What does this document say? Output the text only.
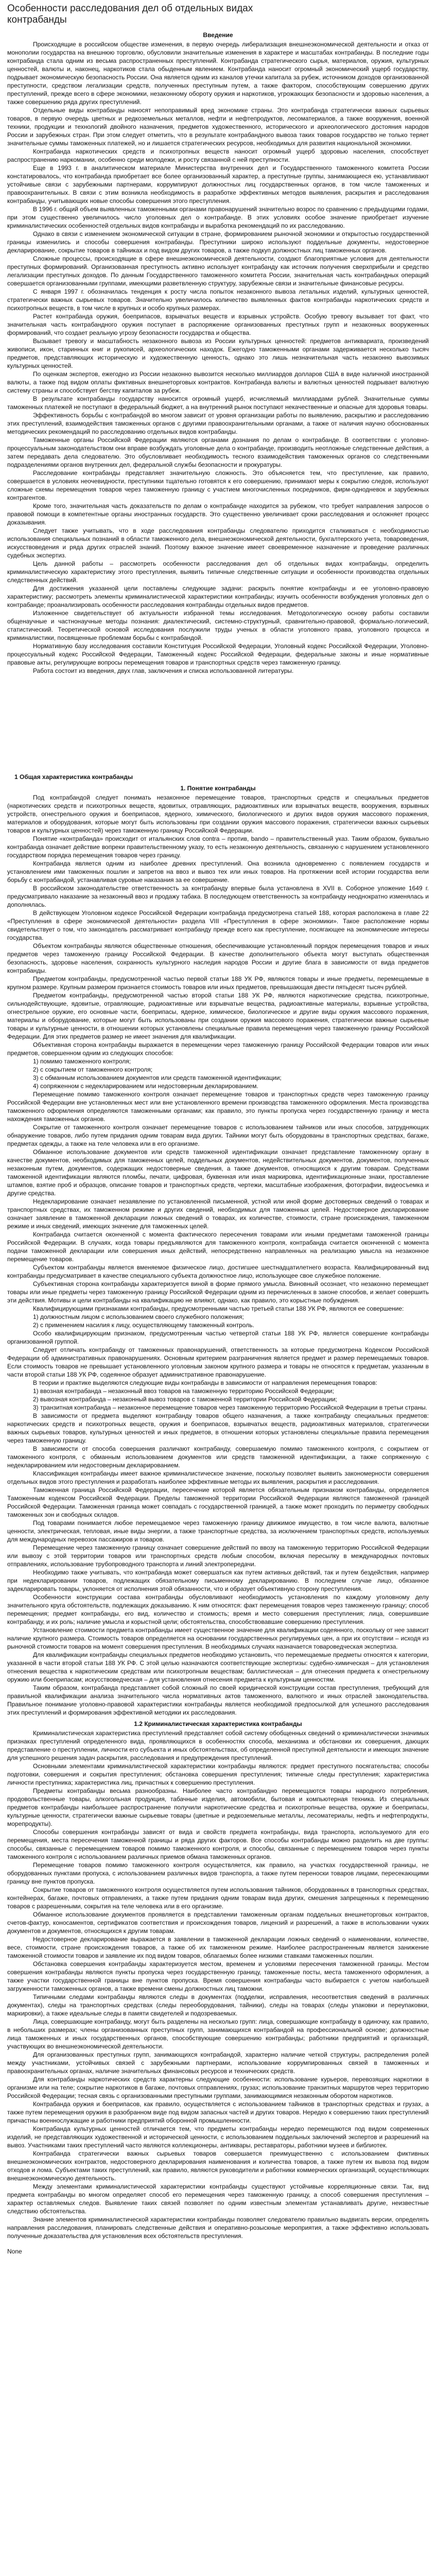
Особенности расследования дел об отдельных видах контрабанды
Введение

Происходящие в российском обществе изменения, в первую очередь либерализация внешнеэкономической деятельности и отказ от монополии государства на внешнюю торговлю, обусловили значительные изменения в характере и масштабах контрабанды. В последние годы контрабанда стала одним из весьма распространенных преступлений. Контрабанда стратегического сырья, материалов, оружия, культурных ценностей, валюты и, наконец, наркотиков стала обыденным явлением. Контрабанда наносит огромный экономический ущерб государству, подрывает экономическую безопасность России. Она является одним из каналов утечки капитала за рубеж, источником доходов организованной преступности, средством легализации средств, полученных преступным путем, а также фактором, способствующим совершению других преступлений, прежде всего в сфере экономики, незаконному обороту оружия и наркотиков, угрожающих безопасности и здоровью населения, а также совершению ряда других преступлений.

Отдельные виды контрабанды наносят непоправимый вред экономике страны. Это контрабанда стратегически важных сырьевых товаров, в первую очередь цветных и редкоземельных металлов, нефти и нефтепродуктов, лесоматериалов, а также вооружения, военной техники, продукции и технологий двойного назначения, предметов художественного, исторического и археологического достояния народов России и зарубежных стран. При этом следует отметить, что в результате контрабандного вывоза таких товаров государство не только теряет значительные суммы таможенных платежей, но и лишается стратегических ресурсов, необходимых для развития национальной экономики.

Контрабанда наркотических средств и психотропных веществ наносит огромный ущерб здоровью населения, способствует распространению наркомании, особенно среди молодежи, и росту связанной с ней преступности.

Еще в 1993 г. в аналитическом материале Министерства внутренних дел и Государственного таможенного комитета России констатировалось, что контрабанда приобретает все более организованный характер, а преступные группы, занимающиеся ею, устанавливают устойчивые связи с зарубежными партнерами, коррумпируют должностных лиц государственных органов, в том числе таможенных и правоохранительных. В связи с этим возникла необходимость в разработке эффективных методов выявления, раскрытия и расследования контрабанды, учитывающих новые способы совершения этого преступления.

В 1996 г. общий объем выявленных таможенными органами правонарушений значительно возрос по сравнению с предыдущими годами, при этом существенно увеличилось число уголовных дел о контрабанде. В этих условиях особое значение приобретает изучение криминалистических особенностей отдельных видов контрабанды и выработка рекомендаций по их расследованию.

Однако в связи с изменением экономической ситуации в стране, формированием рыночной экономики и открытостью государственной границы изменились и способы совершения контрабанды. Преступники широко используют поддельные документы, недостоверное декларирование, сокрытие товаров в тайниках и под видом других товаров, а также подкуп должностных лиц таможенных органов.

Сложные процессы, происходящие в сфере внешнеэкономической деятельности, создают благоприятные условия для деятельности преступных формирований. Организованная преступность активно использует контрабанду как источник получения сверхприбыли и средство легализации преступных доходов. По данным Государственного таможенного комитета России, значительная часть контрабандных операций совершается организованными группами, имеющими разветвленную структуру, зарубежные связи и значительные финансовые ресурсы.

С января 1997 г. обозначилась тенденция к росту числа попыток незаконного вывоза летальных изделий, культурных ценностей, стратегически важных сырьевых товаров. Значительно увеличилось количество выявленных фактов контрабанды наркотических средств и психотропных веществ, в том числе в крупных и особо крупных размерах.

Растет контрабанда оружия, боеприпасов, взрывчатых веществ и взрывных устройств. Особую тревогу вызывает тот факт, что значительная часть контрабандного оружия поступает в распоряжение организованных преступных групп и незаконных вооруженных формирований, что создает реальную угрозу безопасности государства и общества.

Вызывает тревогу и масштабность незаконного вывоза из России культурных ценностей: предметов антиквариата, произведений живописи, икон, старинных книг и рукописей, археологических находок. Ежегодно таможенными органами задерживается несколько тысяч предметов, представляющих историческую и художественную ценность, однако это лишь незначительная часть незаконно вывозимых культурных ценностей.

По оценкам экспертов, ежегодно из России незаконно вывозится несколько миллиардов долларов США в виде наличной иностранной валюты, а также под видом оплаты фиктивных внешнеторговых контрактов. Контрабанда валюты и валютных ценностей подрывает валютную систему страны и способствует бегству капиталов за рубеж.

В результате контрабанды государству наносится огромный ущерб, исчисляемый миллиардами рублей. Значительные суммы таможенных платежей не поступают в федеральный бюджет, а на внутренний рынок поступают некачественные и опасные для здоровья товары.

Эффективность борьбы с контрабандой во многом зависит от уровня организации работы по выявлению, раскрытию и расследованию этих преступлений, взаимодействия таможенных органов с другими правоохранительными органами, а также от наличия научно обоснованных методических рекомендаций по расследованию отдельных видов контрабанды.

Таможенные органы Российской Федерации являются органами дознания по делам о контрабанде. В соответствии с уголовно-процессуальным законодательством они вправе возбуждать уголовные дела о контрабанде, производить неотложные следственные действия, а затем передавать дела следователю. Это обусловливает необходимость тесного взаимодействия таможенных органов со следственными подразделениями органов внутренних дел, федеральной службы безопасности и прокуратуры.

Расследование контрабанды представляет значительную сложность. Это объясняется тем, что преступление, как правило, совершается в условиях неочевидности, преступники тщательно готовятся к его совершению, принимают меры к сокрытию следов, используют сложные схемы перемещения товаров через таможенную границу с участием многочисленных посредников, фирм-однодневок и зарубежных контрагентов.

Кроме того, значительная часть доказательств по делам о контрабанде находится за рубежом, что требует направления запросов о правовой помощи в компетентные органы иностранных государств. Это существенно увеличивает сроки расследования и осложняет процесс доказывания.

Следует также учитывать, что в ходе расследования контрабанды следователю приходится сталкиваться с необходимостью использования специальных познаний в области таможенного дела, внешнеэкономической деятельности, бухгалтерского учета, товароведения, искусствоведения и ряда других отраслей знаний. Поэтому важное значение имеет своевременное назначение и проведение различных судебных экспертиз.

Цель данной работы – рассмотреть особенности расследования дел об отдельных видах контрабанды, определить криминалистическую характеристику этого преступления, выявить типичные следственные ситуации и особенности производства отдельных следственных действий.

Для достижения указанной цели поставлены следующие задачи: раскрыть понятие контрабанды и ее уголовно-правовую характеристику; рассмотреть элементы криминалистической характеристики контрабанды; изучить особенности возбуждения уголовных дел о контрабанде; проанализировать особенности расследования контрабанды отдельных видов предметов.

Изложенное свидетельствует об актуальности избранной темы исследования. Методологическую основу работы составили общенаучные и частнонаучные методы познания: диалектический, системно-структурный, сравнительно-правовой, формально-логический, статистический. Теоретической основой исследования послужили труды ученых в области уголовного права, уголовного процесса и криминалистики, посвященные проблемам борьбы с контрабандой.

Нормативную базу исследования составили Конституция Российской Федерации, Уголовный кодекс Российской Федерации, Уголовно-процессуальный кодекс Российской Федерации, Таможенный кодекс Российской Федерации, федеральные законы и иные нормативные правовые акты, регулирующие вопросы перемещения товаров и транспортных средств через таможенную границу.

Работа состоит из введения, двух глав, заключения и списка использованной литературы.

1 Общая характеристика контрабанды
1. Понятие контрабанды

Под контрабандой следует понимать незаконное перемещение товаров, транспортных средств и специальных предметов (наркотических средств и психотропных веществ, ядовитых, отравляющих, радиоактивных или взрывчатых веществ, вооружения, взрывных устройств, огнестрельного оружия и боеприпасов, ядерного, химического, биологического и других видов оружия массового поражения, материалов и оборудования, которые могут быть использованы при создании оружия массового поражения, стратегически важных сырьевых товаров и культурных ценностей) через таможенную границу Российской Федерации.

Понятие «контрабанда» происходит от итальянских слов contra – против, bando – правительственный указ. Таким образом, буквально контрабанда означает действие вопреки правительственному указу, то есть незаконную деятельность, связанную с нарушением установленного государством порядка перемещения товаров через границу.

Контрабанда является одним из наиболее древних преступлений. Она возникла одновременно с появлением государств и установлением ими таможенных пошлин и запретов на ввоз и вывоз тех или иных товаров. На протяжении всей истории государства вели борьбу с контрабандой, устанавливая суровые наказания за ее совершение.

В российском законодательстве ответственность за контрабанду впервые была установлена в XVII в. Соборное уложение 1649 г. предусматривало наказание за незаконный ввоз и продажу табака. В последующем ответственность за контрабанду неоднократно изменялась и дополнялась.

В действующем Уголовном кодексе Российской Федерации контрабанда предусмотрена статьей 188, которая расположена в главе 22 «Преступления в сфере экономической деятельности» раздела VIII «Преступления в сфере экономики». Такое расположение нормы свидетельствует о том, что законодатель рассматривает контрабанду прежде всего как преступление, посягающее на экономические интересы государства.

Объектом контрабанды являются общественные отношения, обеспечивающие установленный порядок перемещения товаров и иных предметов через таможенную границу Российской Федерации. В качестве дополнительного объекта могут выступать общественная безопасность, здоровье населения, сохранность культурного наследия народов России и другие блага в зависимости от вида предметов контрабанды.

Предметом контрабанды, предусмотренной частью первой статьи 188 УК РФ, являются товары и иные предметы, перемещаемые в крупном размере. Крупным размером признается стоимость товаров или иных предметов, превышающая двести пятьдесят тысяч рублей.

Предметом контрабанды, предусмотренной частью второй статьи 188 УК РФ, являются наркотические средства, психотропные, сильнодействующие, ядовитые, отравляющие, радиоактивные или взрывчатые вещества, радиоактивные материалы, взрывные устройства, огнестрельное оружие, его основные части, боеприпасы, ядерное, химическое, биологическое и другие виды оружия массового поражения, материалы и оборудование, которые могут быть использованы при создании оружия массового поражения, стратегически важные сырьевые товары и культурные ценности, в отношении которых установлены специальные правила перемещения через таможенную границу Российской Федерации. Для этих предметов размер не имеет значения для квалификации.

Объективная сторона контрабанды выражается в перемещении через таможенную границу Российской Федерации товаров или иных предметов, совершенном одним из следующих способов:

1) помимо таможенного контроля;

2) с сокрытием от таможенного контроля;

3) с обманным использованием документов или средств таможенной идентификации;

4) сопряженном с недекларированием или недостоверным декларированием.

Перемещение помимо таможенного контроля означает перемещение товаров и транспортных средств через таможенную границу Российской Федерации вне установленных мест или вне установленного времени производства таможенного оформления. Места производства таможенного оформления определяются таможенными органами; как правило, это пункты пропуска через государственную границу и места нахождения таможенных органов.

Сокрытие от таможенного контроля означает перемещение товаров с использованием тайников или иных способов, затрудняющих обнаружение товаров, либо путем придания одним товарам вида других. Тайники могут быть оборудованы в транспортных средствах, багаже, предметах одежды, а также на теле человека или в его организме.

Обманное использование документов или средств таможенной идентификации означает представление таможенному органу в качестве документов, необходимых для таможенных целей, поддельных документов, недействительных документов, документов, полученных незаконным путем, документов, содержащих недостоверные сведения, а также документов, относящихся к другим товарам. Средствами таможенной идентификации являются пломбы, печати, цифровая, буквенная или иная маркировка, идентификационные знаки, проставление штампов, взятие проб и образцов, описание товаров и транспортных средств, чертежи, масштабные изображения, фотографии, видеосъемка и другие средства.

Недекларирование означает незаявление по установленной письменной, устной или иной форме достоверных сведений о товарах и транспортных средствах, их таможенном режиме и других сведений, необходимых для таможенных целей. Недостоверное декларирование означает заявление в таможенной декларации ложных сведений о товарах, их количестве, стоимости, стране происхождения, таможенном режиме и иных сведений, имеющих значение для таможенных целей.

Контрабанда считается оконченной с момента фактического пересечения товарами или иными предметами таможенной границы Российской Федерации. В случаях, когда товары предъявляются для таможенного контроля, контрабанда считается оконченной с момента подачи таможенной декларации или совершения иных действий, непосредственно направленных на реализацию умысла на незаконное перемещение товаров.

Субъектом контрабанды является вменяемое физическое лицо, достигшее шестнадцатилетнего возраста. Квалифицированный вид контрабанды предусматривает в качестве специального субъекта должностное лицо, использующее свое служебное положение.

Субъективная сторона контрабанды характеризуется виной в форме прямого умысла. Виновный осознает, что незаконно перемещает товары или иные предметы через таможенную границу Российской Федерации одним из перечисленных в законе способов, и желает совершить эти действия. Мотивы и цели контрабанды на квалификацию не влияют, однако, как правило, это корыстные побуждения.

Квалифицирующими признаками контрабанды, предусмотренными частью третьей статьи 188 УК РФ, являются ее совершение:

1) должностным лицом с использованием своего служебного положения;

2) с применением насилия к лицу, осуществляющему таможенный контроль.

Особо квалифицирующим признаком, предусмотренным частью четвертой статьи 188 УК РФ, является совершение контрабанды организованной группой.

Следует отличать контрабанду от таможенных правонарушений, ответственность за которые предусмотрена Кодексом Российской Федерации об административных правонарушениях. Основным критерием разграничения является предмет и размер перемещаемых товаров. Если стоимость товаров не превышает установленного уголовным законом крупного размера и товары не относятся к предметам, указанным в части второй статьи 188 УК РФ, содеянное образует административное правонарушение.

В теории и практике выделяются следующие виды контрабанды в зависимости от направления перемещения товаров:

1) ввозная контрабанда – незаконный ввоз товаров на таможенную территорию Российской Федерации;

2) вывозная контрабанда – незаконный вывоз товаров с таможенной территории Российской Федерации;

3) транзитная контрабанда – незаконное перемещение товаров через таможенную территорию Российской Федерации в третьи страны.

В зависимости от предмета выделяют контрабанду товаров общего назначения, а также контрабанду специальных предметов: наркотических средств и психотропных веществ, оружия и боеприпасов, взрывчатых веществ, радиоактивных материалов, стратегически важных сырьевых товаров, культурных ценностей и иных предметов, в отношении которых установлены специальные правила перемещения через таможенную границу.

В зависимости от способа совершения различают контрабанду, совершаемую помимо таможенного контроля, с сокрытием от таможенного контроля, с обманным использованием документов или средств таможенной идентификации, а также сопряженную с недекларированием или недостоверным декларированием.

Классификация контрабанды имеет важное криминалистическое значение, поскольку позволяет выявить закономерности совершения отдельных видов этого преступления и разработать наиболее эффективные методы их выявления, раскрытия и расследования.

Таможенная граница Российской Федерации, пересечение которой является обязательным признаком контрабанды, определяется Таможенным кодексом Российской Федерации. Пределы таможенной территории Российской Федерации являются таможенной границей Российской Федерации. Таможенная граница может совпадать с государственной границей, а также может проходить по периметру свободных таможенных зон и свободных складов.

Под товарами понимается любое перемещаемое через таможенную границу движимое имущество, в том числе валюта, валютные ценности, электрическая, тепловая, иные виды энергии, а также транспортные средства, за исключением транспортных средств, используемых для международных перевозок пассажиров и товаров.

Перемещение через таможенную границу означает совершение действий по ввозу на таможенную территорию Российской Федерации или вывозу с этой территории товаров или транспортных средств любым способом, включая пересылку в международных почтовых отправлениях, использование трубопроводного транспорта и линий электропередачи.

Необходимо также учитывать, что контрабанда может совершаться как путем активных действий, так и путем бездействия, например при недекларировании товаров, подлежащих обязательному письменному декларированию. В последнем случае лицо, обязанное задекларировать товары, уклоняется от исполнения этой обязанности, что и образует объективную сторону преступления.

Особенности конструкции состава контрабанды обусловливают необходимость установления по каждому уголовному делу значительного круга обстоятельств, подлежащих доказыванию. К ним относятся: факт перемещения товаров через таможенную границу; способ перемещения; предмет контрабанды, его вид, количество и стоимость; время и место совершения преступления; лица, совершившие контрабанду, и их роль; наличие умысла и корыстной цели; обстоятельства, способствовавшие совершению преступления.

Установление стоимости предмета контрабанды имеет существенное значение для квалификации содеянного, поскольку от нее зависит наличие крупного размера. Стоимость товаров определяется на основании государственных регулируемых цен, а при их отсутствии – исходя из рыночной стоимости товаров на момент совершения преступления. В необходимых случаях назначается товароведческая экспертиза.

Для квалификации контрабанды специальных предметов необходимо установить, что перемещаемые предметы относятся к категории, указанной в части второй статьи 188 УК РФ. С этой целью назначаются соответствующие экспертизы: судебно-химическая – для установления отнесения вещества к наркотическим средствам или психотропным веществам; баллистическая – для отнесения предмета к огнестрельному оружию или боеприпасам; искусствоведческая – для установления отнесения предмета к культурным ценностям.

Таким образом, контрабанда представляет собой сложный по своей юридической конструкции состав преступления, требующий для правильной квалификации анализа значительного числа нормативных актов таможенного, валютного и иных отраслей законодательства. Правильное понимание уголовно-правовой характеристики контрабанды является необходимой предпосылкой для успешного расследования этих преступлений и формирования эффективной методики их расследования.

1.2 Криминалистическая характеристика контрабанды

Криминалистическая характеристика преступлений представляет собой систему обобщенных сведений о криминалистически значимых признаках преступлений определенного вида, проявляющихся в особенностях способа, механизма и обстановки их совершения, дающих представление о преступлении, личности его субъекта и иных обстоятельствах, об определенной преступной деятельности и имеющих значение для успешного решения задач раскрытия, расследования и предупреждения преступлений.

Основными элементами криминалистической характеристики контрабанды являются: предмет преступного посягательства; способы подготовки, совершения и сокрытия преступления; обстановка совершения преступления; типичные следы преступления; характеристика личности преступника; характеристика лиц, причастных к совершению преступления.

Предметы контрабанды весьма разнообразны. Наиболее часто контрабандно перемещаются товары народного потребления, продовольственные товары, алкогольная продукция, табачные изделия, автомобили, бытовая и компьютерная техника. Из специальных предметов контрабанды наибольшее распространение получили наркотические средства и психотропные вещества, оружие и боеприпасы, культурные ценности, стратегически важные сырьевые товары (цветные и редкоземельные металлы, лесоматериалы, нефть и нефтепродукты, морепродукты).

Способы совершения контрабанды зависят от вида и свойств предмета контрабанды, вида транспорта, используемого для его перемещения, места пересечения таможенной границы и ряда других факторов. Все способы контрабанды можно разделить на две группы: способы, связанные с перемещением товаров помимо таможенного контроля, и способы, связанные с перемещением товаров через пункты таможенного контроля с использованием различных приемов обмана таможенных органов.

Перемещение товаров помимо таможенного контроля осуществляется, как правило, на участках государственной границы, не оборудованных пунктами пропуска, с использованием различных видов транспорта, а также путем переноски товаров лицами, пересекающими границу вне пунктов пропуска.

Сокрытие товаров от таможенного контроля осуществляется путем использования тайников, оборудованных в транспортных средствах, контейнерах, багаже, почтовых отправлениях, а также путем придания одним товарам вида других, смешения запрещенных к перемещению товаров с разрешенными, сокрытия на теле человека или в его организме.

Обманное использование документов проявляется в представлении таможенным органам поддельных внешнеторговых контрактов, счетов-фактур, коносаментов, сертификатов соответствия и происхождения товаров, лицензий и разрешений, а также в использовании чужих документов и документов, относящихся к другим товарам.

Недостоверное декларирование выражается в заявлении в таможенной декларации ложных сведений о наименовании, количестве, весе, стоимости, стране происхождения товаров, а также об их таможенном режиме. Наиболее распространенным является занижение таможенной стоимости товаров и заявление их под видом товаров, облагаемых более низкими ставками таможенных пошлин.

Обстановка совершения контрабанды характеризуется местом, временем и условиями пересечения таможенной границы. Местом совершения контрабанды являются пункты пропуска через государственную границу, таможенные посты, места таможенного оформления, а также участки государственной границы вне пунктов пропуска. Время совершения контрабанды часто выбирается с учетом наибольшей загруженности таможенных органов, а также времени смены должностных лиц таможни.

Типичными следами контрабанды являются следы в документах (подделки, исправления, несоответствия сведений в различных документах), следы на транспортных средствах (следы переоборудования, тайники), следы на товарах (следы упаковки и переупаковки, маркировки), а также идеальные следы в памяти свидетелей и подозреваемых.

Лица, совершающие контрабанду, могут быть разделены на несколько групп: лица, совершающие контрабанду в одиночку, как правило, в небольших размерах; члены организованных преступных групп, занимающихся контрабандой на профессиональной основе; должностные лица таможенных и иных государственных органов, способствующие совершению контрабанды; работники предприятий и организаций, участвующих во внешнеэкономической деятельности.

Для организованных преступных групп, занимающихся контрабандой, характерно наличие четкой структуры, распределения ролей между участниками, устойчивых связей с зарубежными партнерами, использование коррумпированных связей в таможенных и правоохранительных органах, наличие значительных финансовых ресурсов и технических средств.

Для контрабанды наркотических средств характерны следующие особенности: использование курьеров, перевозящих наркотики в организме или на теле; сокрытие наркотиков в багаже, почтовых отправлениях, грузах; использование транзитных маршрутов через территорию Российской Федерации; тесная связь с организованными преступными группами, занимающимися незаконным оборотом наркотиков.

Контрабанда оружия и боеприпасов, как правило, осуществляется с использованием тайников в транспортных средствах и грузах, а также путем перемещения оружия в разобранном виде под видом запасных частей и других товаров. Нередко к совершению таких преступлений причастны военнослужащие и работники предприятий оборонной промышленности.

Контрабанда культурных ценностей отличается тем, что предметы контрабанды нередко перемещаются под видом современных изделий, не представляющих художественной и исторической ценности, с использованием поддельных заключений экспертов и разрешений на вывоз. Участниками таких преступлений часто являются коллекционеры, антиквары, реставраторы, работники музеев и библиотек.

Контрабанда стратегически важных сырьевых товаров совершается преимущественно с использованием фиктивных внешнеэкономических контрактов, недостоверного декларирования наименования и количества товаров, а также путем их вывоза под видом отходов и лома. Субъектами таких преступлений, как правило, являются руководители и работники коммерческих организаций, осуществляющих внешнеэкономическую деятельность.

Между элементами криминалистической характеристики контрабанды существуют устойчивые корреляционные связи. Так, вид предмета контрабанды во многом определяет способ его перемещения через таможенную границу, а способ совершения преступления – характер оставляемых следов. Выявление таких связей позволяет по одним известным элементам устанавливать другие, неизвестные следствию обстоятельства.

Знание элементов криминалистической характеристики контрабанды позволяет следователю правильно выдвигать версии, определять направления расследования, планировать следственные действия и оперативно-розыскные мероприятия, а также эффективно использовать полученные доказательства для установления всех обстоятельств преступления.

None
